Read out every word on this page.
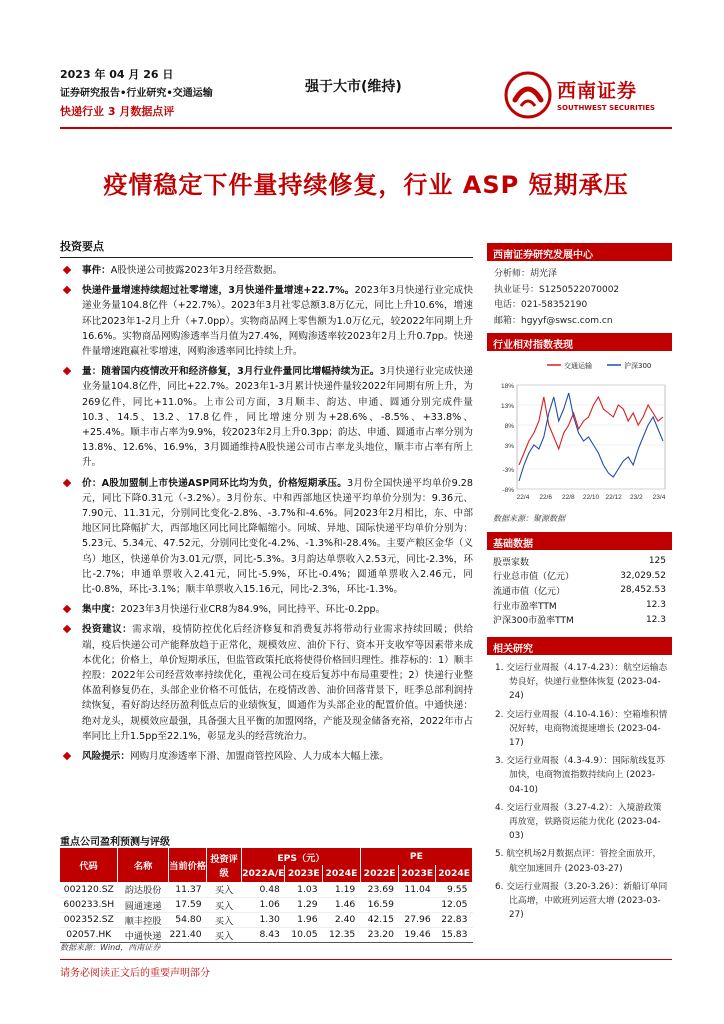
2023 年 04 月 26 日
证券研究报告•行业研究•交通运输
快递行业 3 月数据点评
强于大市(维持)	西南证券
SOUTHWEST SECURITIES
疫情稳定下件量持续修复，行业 ASP 短期承压
投资要点
事件：A股快递公司披露2023年3月经营数据。
快递件量增速持续超过社零增速，3月快递件量增速+22.7%。2023年3月快递行业完成快递业务量104.8亿件（+22.7%）。2023年3月社零总额3.8万亿元，同比上升10.6%，增速环比2023年1-2月上升（+7.0pp）。实物商品网上零售额为1.0万亿元，较2022年同期上升16.6%。实物商品网购渗透率当月值为27.4%，网购渗透率较2023年2月上升0.7pp。快递件量增速跑赢社零增速，网购渗透率同比持续上升。
量：随着国内疫情改开和经济修复，3月行业件量同比增幅持续为正。3月快递行业完成快递业务量104.8亿件，同比+22.7%。2023年1-3月累计快递件量较2022年同期有所上升，为269亿件，同比+11.0%。上市公司方面，3月顺丰、韵达、申通、圆通分别完成件量10.3、14.5、13.2、17.8亿件，同比增速分别为+28.6%、-8.5%、+33.8%、+25.4%。顺丰市占率为9.9%，较2023年2月上升0.3pp；韵达、申通、圆通市占率分别为13.8%、12.6%、16.9%，3月圆通维持A股快递公司市占率龙头地位，顺丰市占率有所上升。
价：A股加盟制上市快递ASP同环比均为负，价格短期承压。3月份全国快递平均单价9.28元，同比下降0.31元（-3.2%）。3月份东、中和西部地区快递平均单价分别为：9.36元、7.90元、11.31元，分别同比变化-2.8%、-3.7%和-4.6%。同2023年2月相比，东、中部地区同比降幅扩大，西部地区同比同比降幅缩小。同城、异地、国际快递平均单价分别为：5.23元、5.34元、47.52元，分别同比变化-4.2%、-1.3%和-28.4%。主要产粮区金华（义乌）地区，快递单价为3.01元/票，同比-5.3%。3月韵达单票收入2.53元，同比-2.3%，环比-2.7%；申通单票收入2.41元，同比-5.9%，环比-0.4%；圆通单票收入2.46元，同比-0.8%，环比-3.1%；顺丰单票收入15.16元，同比-2.3%，环比-1.3%。
集中度：2023年3月快递行业CR8为84.9%，同比持平、环比-0.2pp。
投资建议：需求端，疫情防控优化后经济修复和消费复苏将带动行业需求持续回暖；供给端，疫后快递公司产能释放趋于正常化，规模效应、油价下行、资本开支收窄等因素带来成本优化；价格上，单价短期承压，但监管政策托底将使得价格回归理性。推荐标的：1）顺丰控股：2022年公司经营效率持续优化，重视公司在疫后复苏中布局重要性；2）快递行业整体盈利修复仍在，头部企业价格不可低估，在疫情改善、油价回落背景下，旺季总部利润持续恢复，看好韵达经历盈利低点后的业绩恢复，圆通作为头部企业的配置价值。中通快递：绝对龙头，规模效应最强，具备强大且平衡的加盟网络，产能及现金储备充裕，2022年市占率同比上升1.5pp至22.1%，彰显龙头的经营统治力。
风险提示：网购月度渗透率下滑、加盟商管控风险、人力成本大幅上涨。
重点公司盈利预测与评级
代码	名称	当前价格	投资评级	EPS（元）			PE		
				2022A/E	2023E	2024E	2022E	2023E	2024E
002120.SZ	韵达股份	11.37	买入	0.48	1.03	1.19	23.69	11.04	9.55
600233.SH	圆通速递	17.59	买入	1.06	1.29	1.46	16.59		12.05
002352.SZ	顺丰控股	54.80	买入	1.30	1.96	2.40	42.15	27.96	22.83
02057.HK	中通快递	221.40	买入	8.43	10.05	12.35	23.20	19.46	15.83
数据来源：Wind，西南证券
请务必阅读正文后的重要声明部分
西南证券研究发展中心
分析师：胡光泽
执业证号：S1250522070002
电话：021-58352190
邮箱：hgyyf@swsc.com.cn
行业相对指数表现
18%
13%
8%
3%
-3%
-8%
22/4 22/6 22/8 22/10 22/12 23/2 23/4
交通运输	沪深300
数据来源：聚源数据
基础数据
股票家数	125
行业总市值（亿元）	32,029.52
流通市值（亿元）	28,452.53
行业市盈率TTM	12.3
沪深300市盈率TTM	12.3
相关研究
1. 交运行业周报（4.17-4.23）：航空运输态势良好，快递行业整体恢复 (2023-04-24)
2. 交运行业周报（4.10-4.16）：空箱堆积情况好转，电商物流提速增长 (2023-04-17)
3. 交运行业周报（4.3-4.9）：国际航线复苏加快，电商物流指数持续向上 (2023-04-10)
4. 交运行业周报（3.27-4.2）：入境游政策再放宽，铁路资运能力优化 (2023-04-03)
5. 航空机场2月数据点评：管控全面放开，航空加速回升 (2023-03-27)
6. 交运行业周报（3.20-3.26）：新船订单同比高增，中欧班列运营大增 (2023-03-27)
